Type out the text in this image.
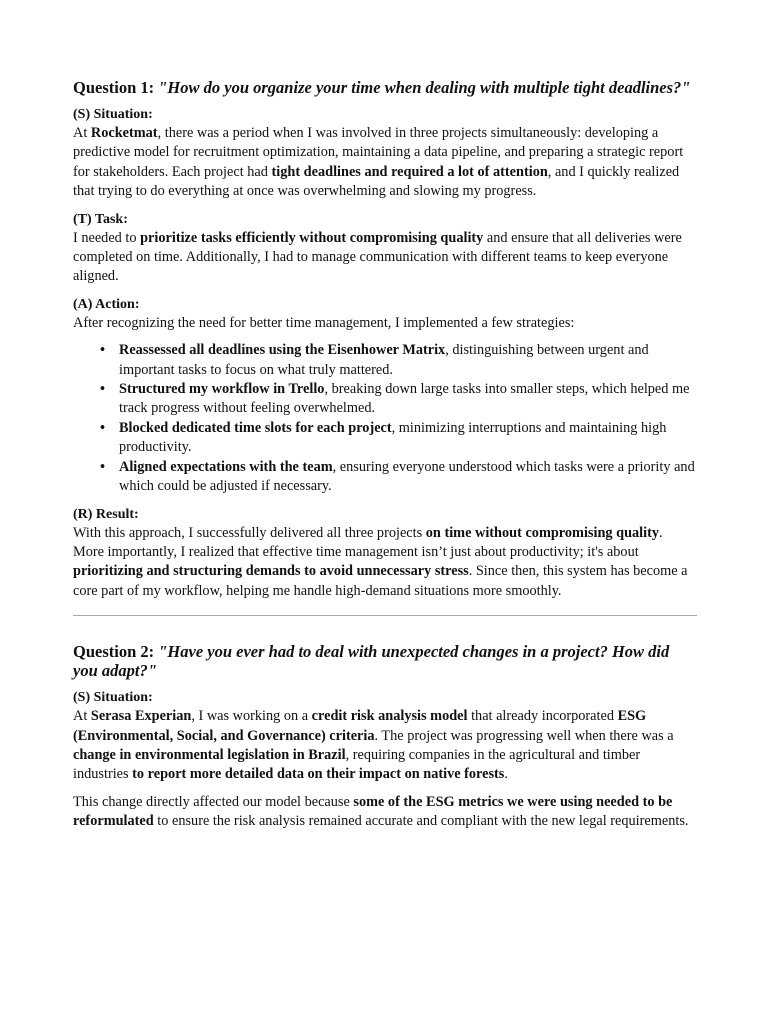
Question 1: "How do you organize your time when dealing with multiple tight deadlines?"
(S) Situation:

At Rocketmat, there was a period when I was involved in three projects simultaneously: developing a predictive model for recruitment optimization, maintaining a data pipeline, and preparing a strategic report for stakeholders. Each project had tight deadlines and required a lot of attention, and I quickly realized that trying to do everything at once was overwhelming and slowing my progress.

(T) Task:

I needed to prioritize tasks efficiently without compromising quality and ensure that all deliveries were completed on time. Additionally, I had to manage communication with different teams to keep everyone aligned.

(A) Action:

After recognizing the need for better time management, I implemented a few strategies:

• Reassessed all deadlines using the Eisenhower Matrix, distinguishing between urgent and important tasks to focus on what truly mattered.
• Structured my workflow in Trello, breaking down large tasks into smaller steps, which helped me track progress without feeling overwhelmed.
• Blocked dedicated time slots for each project, minimizing interruptions and maintaining high productivity.
• Aligned expectations with the team, ensuring everyone understood which tasks were a priority and which could be adjusted if necessary.
(R) Result:

With this approach, I successfully delivered all three projects on time without compromising quality. More importantly, I realized that effective time management isn’t just about productivity; it's about prioritizing and structuring demands to avoid unnecessary stress. Since then, this system has become a core part of my workflow, helping me handle high-demand situations more smoothly.

Question 2: "Have you ever had to deal with unexpected changes in a project? How did you adapt?"
(S) Situation:

At Serasa Experian, I was working on a credit risk analysis model that already incorporated ESG (Environmental, Social, and Governance) criteria. The project was progressing well when there was a change in environmental legislation in Brazil, requiring companies in the agricultural and timber industries to report more detailed data on their impact on native forests.

This change directly affected our model because some of the ESG metrics we were using needed to be reformulated to ensure the risk analysis remained accurate and compliant with the new legal requirements.
